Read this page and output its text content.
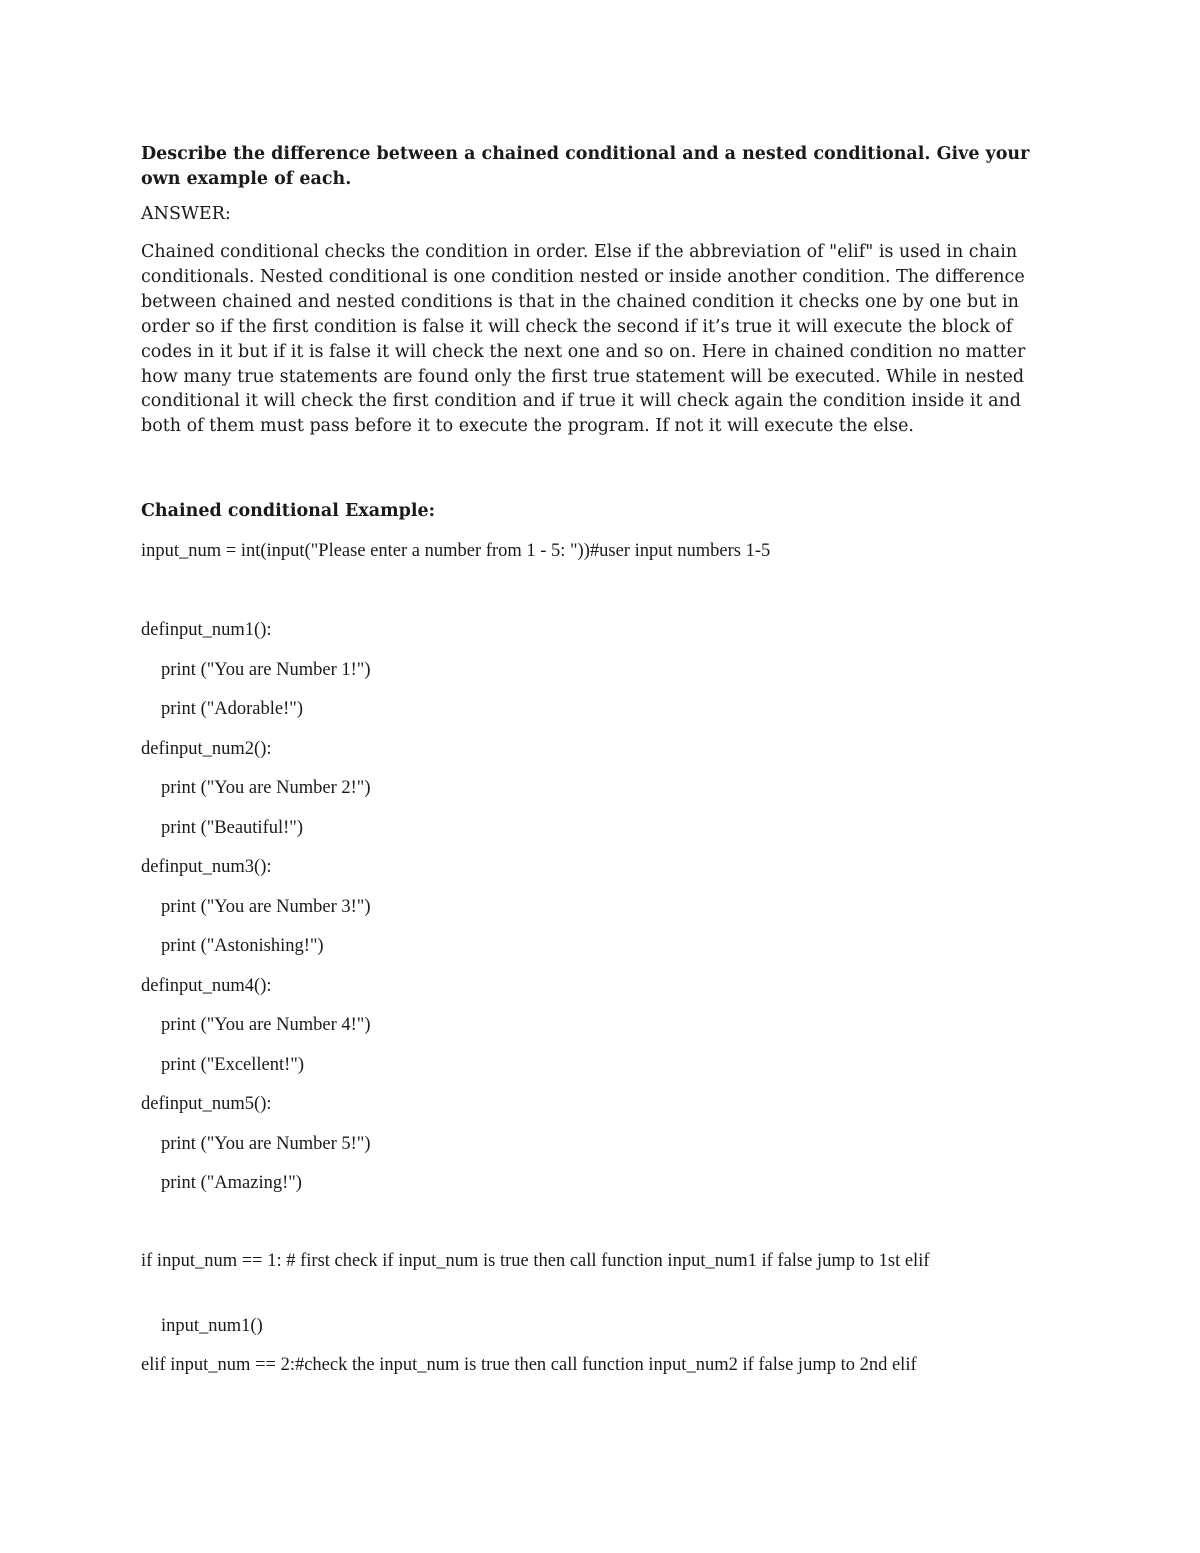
Describe the difference between a chained conditional and a nested conditional. Give your own example of each.

ANSWER:

Chained conditional checks the condition in order. Else if the abbreviation of "elif" is used in chain conditionals. Nested conditional is one condition nested or inside another condition. The difference between chained and nested conditions is that in the chained condition it checks one by one but in order so if the first condition is false it will check the second if it’s true it will execute the block of codes in it but if it is false it will check the next one and so on. Here in chained condition no matter how many true statements are found only the first true statement will be executed. While in nested conditional it will check the first condition and if true it will check again the condition inside it and both of them must pass before it to execute the program. If not it will execute the else.

Chained conditional Example:
input_num = int(input("Please enter a number from 1 - 5: "))#user input numbers 1-5
definput_num1():
print ("You are Number 1!")
print ("Adorable!")
definput_num2():
print ("You are Number 2!")
print ("Beautiful!")
definput_num3():
print ("You are Number 3!")
print ("Astonishing!")
definput_num4():
print ("You are Number 4!")
print ("Excellent!")
definput_num5():
print ("You are Number 5!")
print ("Amazing!")
if input_num == 1: # first check if input_num is true then call function input_num1 if false jump to 1st elif
input_num1()
elif input_num == 2:#check the input_num is true then call function input_num2 if false jump to 2nd elif
